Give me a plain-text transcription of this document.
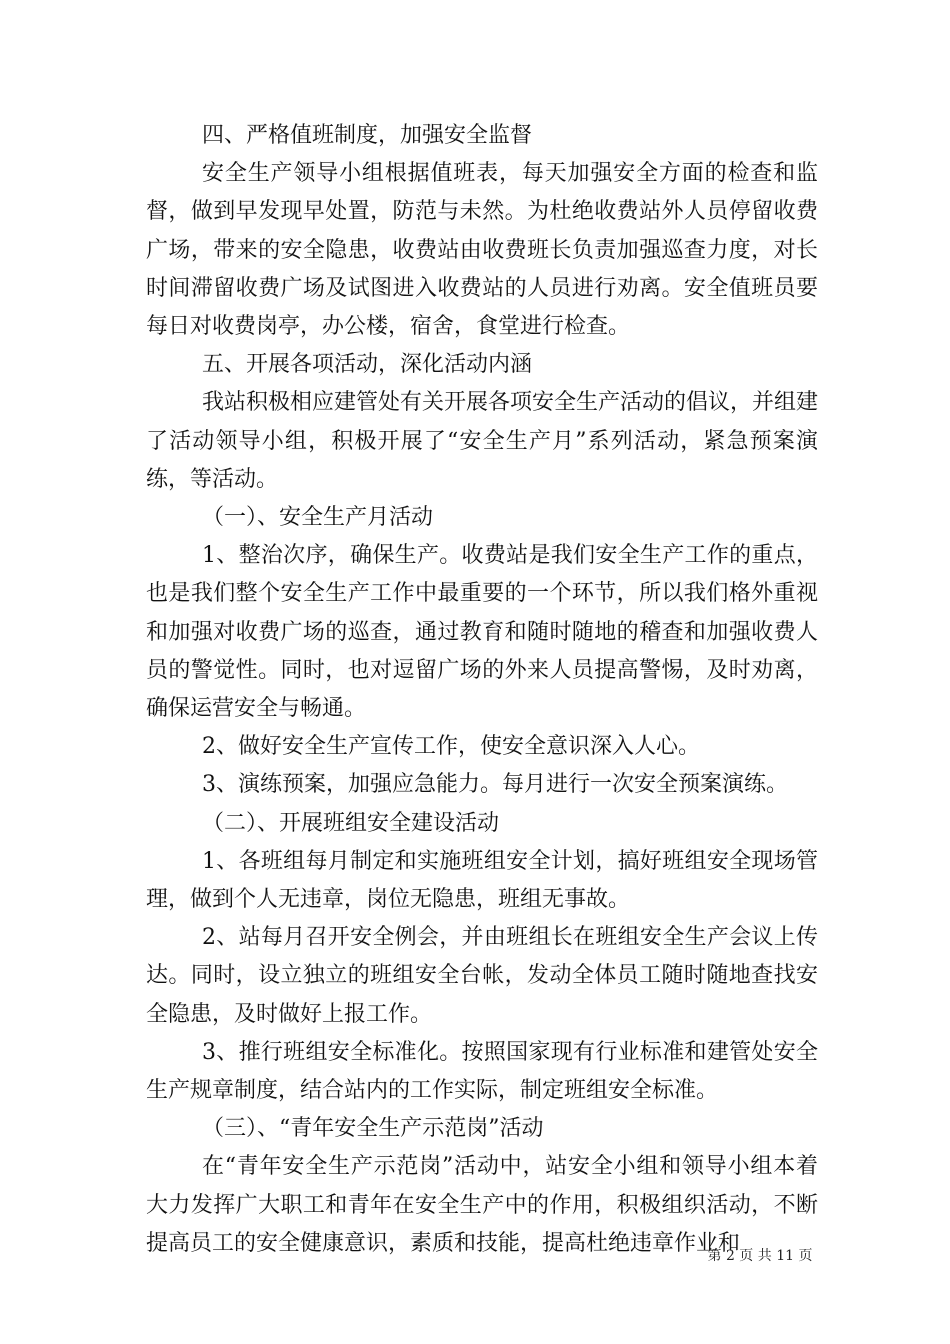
四、严格值班制度，加强安全监督

安全生产领导小组根据值班表，每天加强安全方面的检查和监督，做到早发现早处置，防范与未然。为杜绝收费站外人员停留收费广场，带来的安全隐患，收费站由收费班长负责加强巡查力度，对长时间滞留收费广场及试图进入收费站的人员进行劝离。安全值班员要每日对收费岗亭，办公楼，宿舍，食堂进行检查。

五、开展各项活动，深化活动内涵

我站积极相应建管处有关开展各项安全生产活动的倡议，并组建了活动领导小组，积极开展了“安全生产月”系列活动，紧急预案演练，等活动。

（一）、安全生产月活动

1、整治次序，确保生产。收费站是我们安全生产工作的重点，也是我们整个安全生产工作中最重要的一个环节，所以我们格外重视和加强对收费广场的巡查，通过教育和随时随地的稽查和加强收费人员的警觉性。同时，也对逗留广场的外来人员提高警惕，及时劝离，确保运营安全与畅通。

2、做好安全生产宣传工作，使安全意识深入人心。

3、演练预案，加强应急能力。每月进行一次安全预案演练。

（二）、开展班组安全建设活动

1、各班组每月制定和实施班组安全计划，搞好班组安全现场管理，做到个人无违章，岗位无隐患，班组无事故。

2、站每月召开安全例会，并由班组长在班组安全生产会议上传达。同时，设立独立的班组安全台帐，发动全体员工随时随地查找安全隐患，及时做好上报工作。

3、推行班组安全标准化。按照国家现有行业标准和建管处安全生产规章制度，结合站内的工作实际，制定班组安全标准。

（三）、“青年安全生产示范岗”活动

在“青年安全生产示范岗”活动中，站安全小组和领导小组本着大力发挥广大职工和青年在安全生产中的作用，积极组织活动，不断提高员工的安全健康意识，素质和技能，提高杜绝违章作业和

第 2 页 共 11 页
